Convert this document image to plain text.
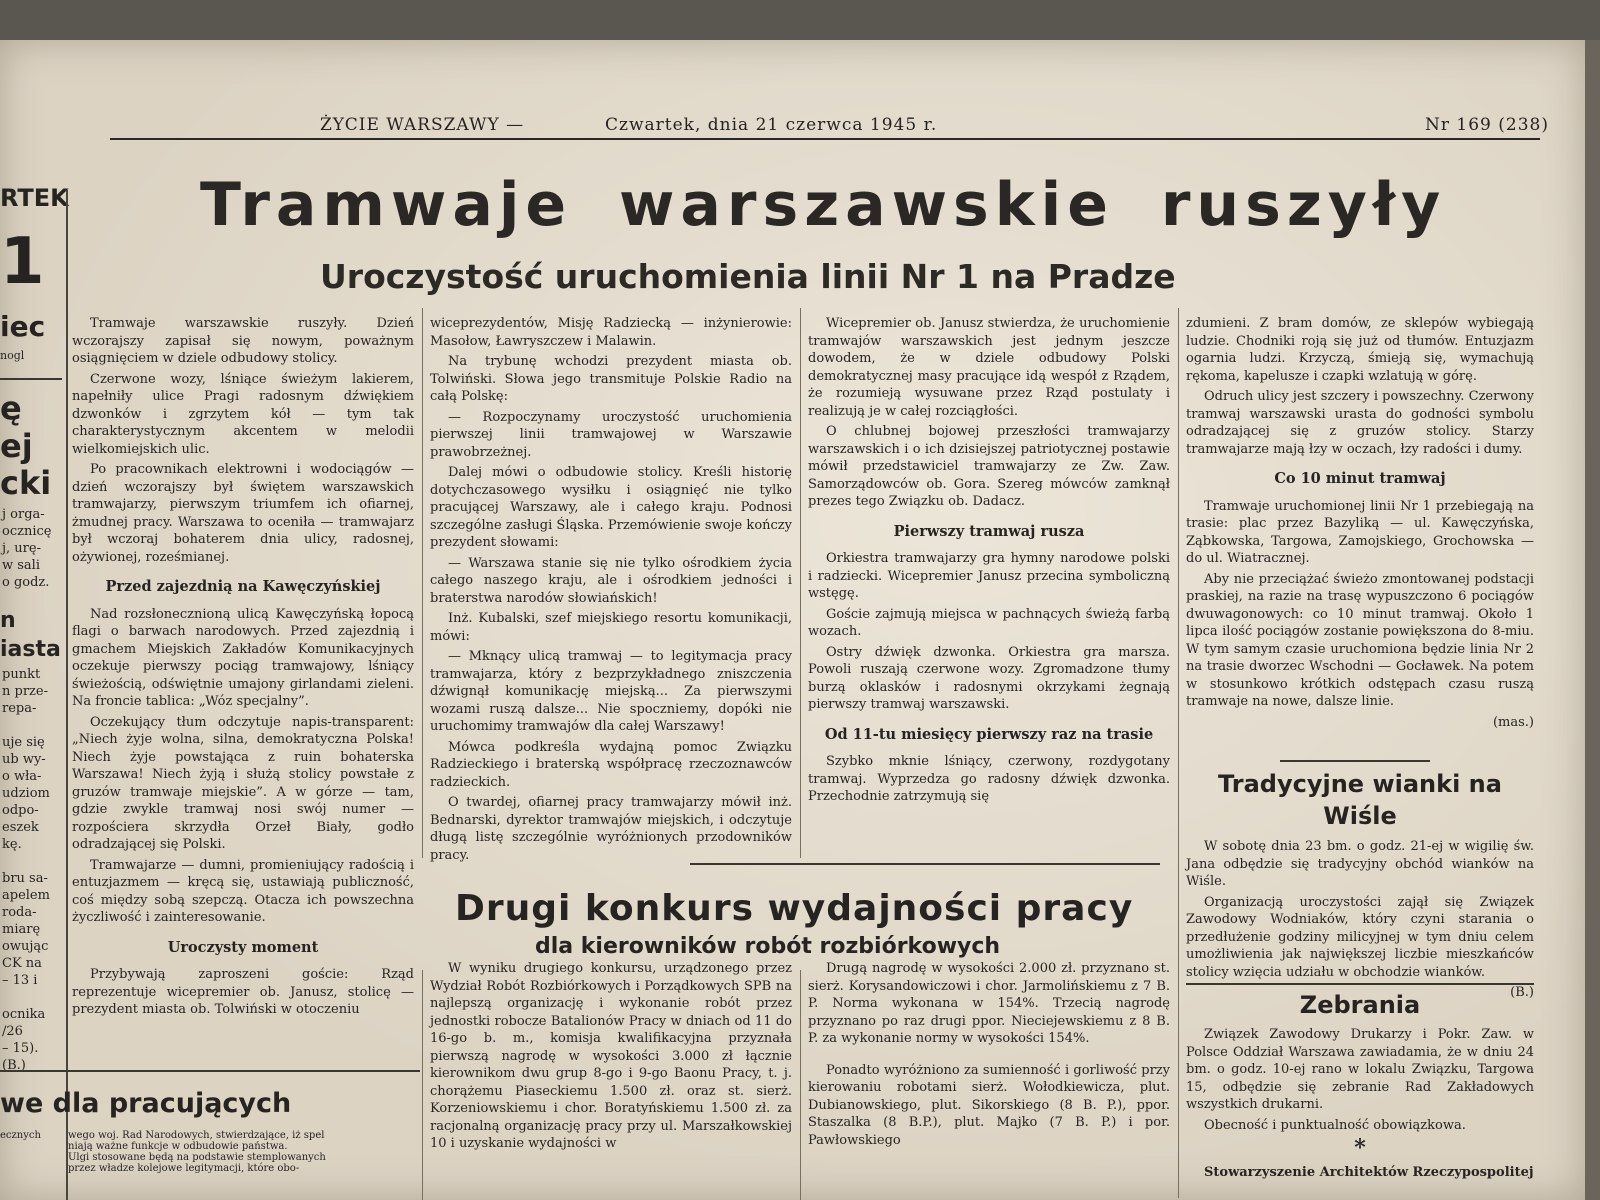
ŻYCIE WARSZAWY —	Czwartek, dnia 21 czerwca 1945 r.	Nr 169 (238)
RTEK
1
iec
nogl
ę
ej
cki
j orga-
ocznicę
j, urę-
w sali
o godz.
n
iasta
punkt
n prze-
repa-
uje się
ub wy-
o wła-
udziom
odpo-
eszek
kę.
bru sa-
apelem
roda-
miarę
owując
CK na
– 13 i
ocnika
/26
– 15).
(B.)
Tramwaje warszawskie ruszyły
Uroczystość uruchomienia linii Nr 1 na Pradze

Tramwaje warszawskie ruszyły. Dzień wczorajszy zapisał się nowym, poważnym osiągnięciem w dziele odbudowy stolicy.

Czerwone wozy, lśniące świeżym lakierem, napełniły ulice Pragi radosnym dźwiękiem dzwonków i zgrzytem kół — tym tak charakterystycznym akcentem w melodii wielkomiejskich ulic.

Po pracownikach elektrowni i wodociągów — dzień wczorajszy był świętem warszawskich tramwajarzy, pierwszym triumfem ich ofiarnej, żmudnej pracy. Warszawa to oceniła — tramwajarz był wczoraj bohaterem dnia ulicy, radosnej, ożywionej, roześmianej.

Przed zajezdnią na Kawęczyńskiej

Nad rozsłonecznioną ulicą Kawęczyńską łopocą flagi o barwach narodowych. Przed zajezdnią i gmachem Miejskich Zakładów Komunikacyjnych oczekuje pierwszy pociąg tramwajowy, lśniący świeżością, odświętnie umajony girlandami zieleni. Na froncie tablica: „Wóz specjalny”.

Oczekujący tłum odczytuje napis-transparent: „Niech żyje wolna, silna, demokratyczna Polska! Niech żyje powstająca z ruin bohaterska Warszawa! Niech żyją i służą stolicy powstałe z gruzów tramwaje miejskie”. A w górze — tam, gdzie zwykle tramwaj nosi swój numer — rozpościera skrzydła Orzeł Biały, godło odradzającej się Polski.

Tramwajarze — dumni, promieniujący radością i entuzjazmem — kręcą się, ustawiają publiczność, coś między sobą szepczą. Otacza ich powszechna życzliwość i zainteresowanie.

Uroczysty moment

Przybywają zaproszeni goście: Rząd reprezentuje wicepremier ob. Janusz, stolicę — prezydent miasta ob. Tolwiński w otoczeniu

wiceprezydentów, Misję Radziecką — inżynierowie: Masołow, Ławryszczew i Malawin.

Na trybunę wchodzi prezydent miasta ob. Tolwiński. Słowa jego transmituje Polskie Radio na całą Polskę:

— Rozpoczynamy uroczystość uruchomienia pierwszej linii tramwajowej w Warszawie prawobrzeżnej.

Dalej mówi o odbudowie stolicy. Kreśli historię dotychczasowego wysiłku i osiągnięć nie tylko pracującej Warszawy, ale i całego kraju. Podnosi szczególne zasługi Śląska. Przemówienie swoje kończy prezydent słowami:

— Warszawa stanie się nie tylko ośrodkiem życia całego naszego kraju, ale i ośrodkiem jedności i braterstwa narodów słowiańskich!

Inż. Kubalski, szef miejskiego resortu komunikacji, mówi:

— Mknący ulicą tramwaj — to legitymacja pracy tramwajarza, który z bezprzykładnego zniszczenia dźwignął komunikację miejską... Za pierwszymi wozami ruszą dalsze... Nie spoczniemy, dopóki nie uruchomimy tramwajów dla całej Warszawy!

Mówca podkreśla wydajną pomoc Związku Radzieckiego i braterską współpracę rzeczoznawców radzieckich.

O twardej, ofiarnej pracy tramwajarzy mówił inż. Bednarski, dyrektor tramwajów miejskich, i odczytuje długą listę szczególnie wyróżnionych przodowników pracy.

Wicepremier ob. Janusz stwierdza, że uruchomienie tramwajów warszawskich jest jednym jeszcze dowodem, że w dziele odbudowy Polski demokratycznej masy pracujące idą wespół z Rządem, że rozumieją wysuwane przez Rząd postulaty i realizują je w całej rozciągłości.

O chlubnej bojowej przeszłości tramwajarzy warszawskich i o ich dzisiejszej patriotycznej postawie mówił przedstawiciel tramwajarzy ze Zw. Zaw. Samorządowców ob. Gora. Szereg mówców zamknął prezes tego Związku ob. Dadacz.

Pierwszy tramwaj rusza

Orkiestra tramwajarzy gra hymny narodowe polski i radziecki. Wicepremier Janusz przecina symboliczną wstęgę.

Goście zajmują miejsca w pachnących świeżą farbą wozach.

Ostry dźwięk dzwonka. Orkiestra gra marsza. Powoli ruszają czerwone wozy. Zgromadzone tłumy burzą oklasków i radosnymi okrzykami żegnają pierwszy tramwaj warszawski.

Od 11-tu miesięcy pierwszy raz na trasie

Szybko mknie lśniący, czerwony, rozdygotany tramwaj. Wyprzedza go radosny dźwięk dzwonka. Przechodnie zatrzymują się

zdumieni. Z bram domów, ze sklepów wybiegają ludzie. Chodniki roją się już od tłumów. Entuzjazm ogarnia ludzi. Krzyczą, śmieją się, wymachują rękoma, kapelusze i czapki wzlatują w górę.

Odruch ulicy jest szczery i powszechny. Czerwony tramwaj warszawski urasta do godności symbolu odradzającej się z gruzów stolicy. Starzy tramwajarze mają łzy w oczach, łzy radości i dumy.

Co 10 minut tramwaj

Tramwaje uruchomionej linii Nr 1 przebiegają na trasie: plac przez Bazyliką — ul. Kawęczyńska, Ząbkowska, Targowa, Zamojskiego, Grochowska — do ul. Wiatracznej.

Aby nie przeciążać świeżo zmontowanej podstacji praskiej, na razie na trasę wypuszczono 6 pociągów dwuwagonowych: co 10 minut tramwaj. Około 1 lipca ilość pociągów zostanie powiększona do 8-miu. W tym samym czasie uruchomiona będzie linia Nr 2 na trasie dworzec Wschodni — Gocławek. Na potem w stosunkowo krótkich odstępach czasu ruszą tramwaje na nowe, dalsze linie.

(mas.)
Tradycyjne wianki na Wiśle

W sobotę dnia 23 bm. o godz. 21-ej w wigilię św. Jana odbędzie się tradycyjny obchód wianków na Wiśle.

Organizacją uroczystości zajął się Związek Zawodowy Wodniaków, który czyni starania o przedłużenie godziny milicyjnej w tym dniu celem umożliwienia jak największej liczbie mieszkańców stolicy wzięcia udziału w obchodzie wianków.

(B.)
Zebrania

Związek Zawodowy Drukarzy i Pokr. Zaw. w Polsce Oddział Warszawa zawiadamia, że w dniu 24 bm. o godz. 10-ej rano w lokalu Związku, Targowa 15, odbędzie się zebranie Rad Zakładowych wszystkich drukarni.

Obecność i punktualność obowiązkowa.

*

Stowarzyszenie Architektów Rzeczypospolitej

Drugi konkurs wydajności pracy
dla kierowników robót rozbiórkowych

W wyniku drugiego konkursu, urządzonego przez Wydział Robót Rozbiórkowych i Porządkowych SPB na najlepszą organizację i wykonanie robót przez jednostki robocze Batalionów Pracy w dniach od 11 do 16-go b. m., komisja kwalifikacyjna przyznała pierwszą nagrodę w wysokości 3.000 zł łącznie kierownikom dwu grup 8-go i 9-go Baonu Pracy, t. j. chorążemu Piaseckiemu 1.500 zł. oraz st. sierż. Korzeniowskiemu i chor. Boratyńskiemu 1.500 zł. za racjonalną organizację pracy przy ul. Marszałkowskiej 10 i uzyskanie wydajności w

Drugą nagrodę w wysokości 2.000 zł. przyznano st. sierż. Korysandowiczowi i chor. Jarmolińskiemu z 7 B. P. Norma wykonana w 154%. Trzecią nagrodę przyznano po raz drugi ppor. Nieciejewskiemu z 8 B. P. za wykonanie normy w wysokości 154%.

Ponadto wyróżniono za sumienność i gorliwość przy kierowaniu robotami sierż. Wołodkiewicza, plut. Dubianowskiego, plut. Sikorskiego (8 B. P.), ppor. Staszalka (8 B.P.), plut. Majko (7 B. P.) i por. Pawłowskiego

we dla pracujących
ecznych	wego woj. Rad Narodowych, stwierdzające, iż spel
niają ważne funkcje w odbudowie państwa.
Ulgi stosowane będą na podstawie stemplowanych
przez władze kolejowe legitymacji, które obo-
